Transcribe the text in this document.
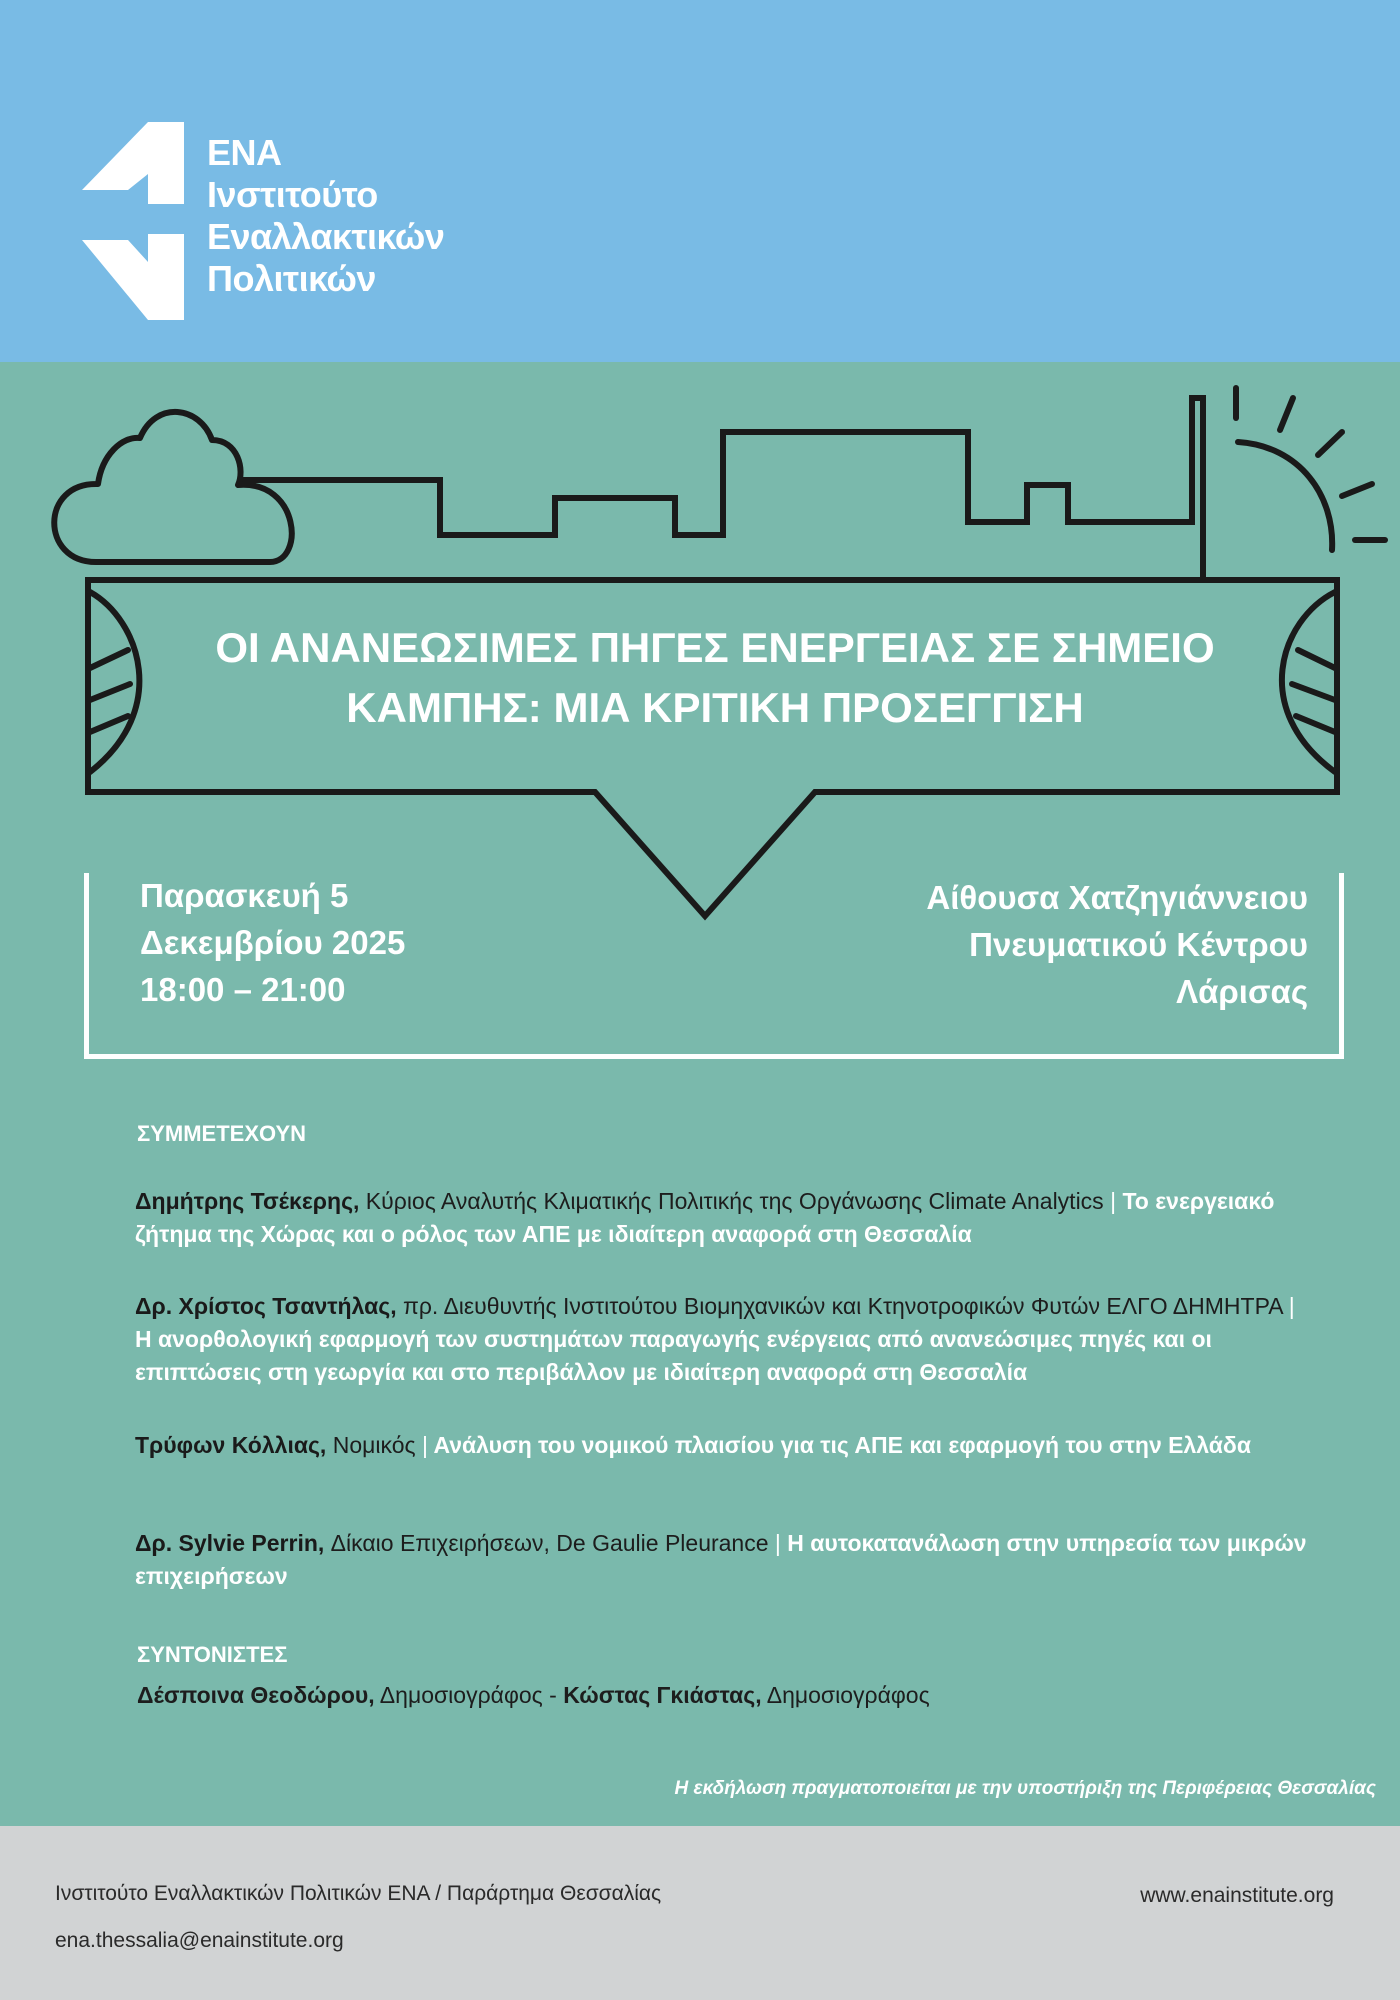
ΕΝΑ
Ινστιτούτο
Εναλλακτικών
Πολιτικών
ΟΙ ΑΝΑΝΕΩΣΙΜΕΣ ΠΗΓΕΣ ΕΝΕΡΓΕΙΑΣ ΣΕ ΣΗΜΕΙΟ
ΚΑΜΠΗΣ: ΜΙΑ ΚΡΙΤΙΚΗ ΠΡΟΣΕΓΓΙΣΗ
Παρασκευή 5
Δεκεμβρίου 2025
18:00 – 21:00
Αίθουσα Χατζηγιάννειου
Πνευματικού Κέντρου
Λάρισας
ΣΥΜΜΕΤΕΧΟΥΝ
Δημήτρης Τσέκερης, Κύριος Αναλυτής Κλιματικής Πολιτικής της Οργάνωσης Climate Analytics | Το ενεργειακό ζήτημα της Χώρας και ο ρόλος των ΑΠΕ με ιδιαίτερη αναφορά στη Θεσσαλία
Δρ. Χρίστος Τσαντήλας, πρ. Διευθυντής Ινστιτούτου Βιομηχανικών και Κτηνοτροφικών Φυτών ΕΛΓΟ ΔΗΜΗΤΡΑ | Η ανορθολογική εφαρμογή των συστημάτων παραγωγής ενέργειας από ανανεώσιμες πηγές και οι επιπτώσεις στη γεωργία και στο περιβάλλον με ιδιαίτερη αναφορά στη Θεσσαλία
Τρύφων Κόλλιας, Νομικός | Ανάλυση του νομικού πλαισίου για τις ΑΠΕ και εφαρμογή του στην Ελλάδα
Δρ. Sylvie Perrin, Δίκαιο Επιχειρήσεων, De Gaulie Pleurance | Η αυτοκατανάλωση στην υπηρεσία των μικρών επιχειρήσεων
ΣΥΝΤΟΝΙΣΤΕΣ
Δέσποινα Θεοδώρου, Δημοσιογράφος - Κώστας Γκιάστας, Δημοσιογράφος
Η εκδήλωση πραγματοποιείται με την υποστήριξη της Περιφέρειας Θεσσαλίας
Ινστιτούτο Εναλλακτικών Πολιτικών ΕΝΑ / Παράρτημα Θεσσαλίας
ena.thessalia@enainstitute.org
www.enainstitute.org
